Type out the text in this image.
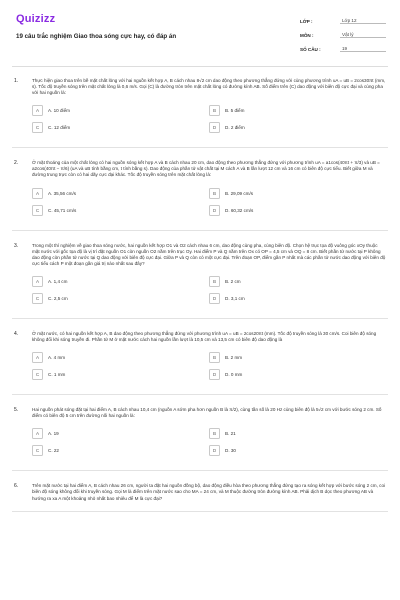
Quizizz
19 câu trắc nghiệm Giao thoa sóng cực hay, có đáp án
LỚP :	Lớp 12
MÔN :	Vật lý
SỐ CÂU :	19
1.	Thực hiện giao thoa trên bề mặt chất lỏng với hai nguồn kết hợp A, B cách nhau 8√2 cm dao động theo phương thẳng đứng với cùng phương trình uA = uB = 2cos30πt (mm, s). Tốc độ truyền sóng trên mặt chất lỏng là 0,6 m/s. Gọi (C) là đường tròn trên mặt chất lỏng có đường kính AB. Số điểm trên (C) dao động với biên độ cực đại và cùng pha với hai nguồn là:
A	A. 10 điểm	B	B. 5 điểm
C	C. 12 điểm	D	D. 2 điểm
2.	Ở mặt thoáng của một chất lỏng có hai nguồn sóng kết hợp A và B cách nhau 20 cm, dao động theo phương thẳng đứng với phương trình uA = a1cos(40πt + π/3) và uB = a2cos(40πt − π/6) (uA và uB tính bằng cm, t tính bằng s). Dao động của phần tử vật chất tại M cách A và B lần lượt 12 cm và 16 cm có biên độ cực tiểu. Biết giữa M và đường trung trực còn có hai dãy cực đại khác. Tốc độ truyền sóng trên mặt chất lỏng là:
A	A. 35,56 cm/s	B	B. 29,09 cm/s
C	C. 45,71 cm/s	D	D. 60,32 cm/s
3.	Trong một thí nghiệm về giao thoa sóng nước, hai nguồn kết hợp O1 và O2 cách nhau 6 cm, dao động cùng pha, cùng biên độ. Chọn hệ trục tọa độ vuông góc xOy thuộc mặt nước với gốc tọa độ là vị trí đặt nguồn O1 còn nguồn O2 nằm trên trục Oy. Hai điểm P và Q nằm trên Ox có OP = 4,5 cm và OQ = 8 cm. Biết phần tử nước tại P không dao động còn phần tử nước tại Q dao động với biên độ cực đại. Giữa P và Q còn có một cực đại. Trên đoạn OP, điểm gần P nhất mà các phần tử nước dao động với biên độ cực tiểu cách P một đoạn gần giá trị nào nhất sau đây?
A	A. 1,4 cm	B	B. 2 cm
C	C. 2,5 cm	D	D. 3,1 cm
4.	Ở mặt nước, có hai nguồn kết hợp A, B dao động theo phương thẳng đứng với phương trình uA = uB = 2cos20πt (mm). Tốc độ truyền sóng là 30 cm/s. Coi biên độ sóng không đổi khi sóng truyền đi. Phần tử M ở mặt nước cách hai nguồn lần lượt là 10,5 cm và 13,5 cm có biên độ dao động là
A	A. 4 mm	B	B. 2 mm
C	C. 1 mm	D	D. 0 mm
5.	Hai nguồn phát sóng đặt tại hai điểm A, B cách nhau 10,4 cm (nguồn A sớm pha hơn nguồn B là π/2), cùng tần số là 20 Hz cùng biên độ là 5√2 cm với bước sóng 2 cm. Số điểm có biên độ 5 cm trên đường nối hai nguồn là:
A	A. 19	B	B. 21
C	C. 22	D	D. 30
6.	Trên mặt nước tại hai điểm A, B cách nhau 26 cm, người ta đặt hai nguồn đồng bộ, dao động điều hòa theo phương thẳng đứng tạo ra sóng kết hợp với bước sóng 2 cm, coi biên độ sóng không đổi khi truyền sóng. Gọi M là điểm trên mặt nước sao cho MA = 24 cm, và M thuộc đường tròn đường kính AB. Phải dịch B dọc theo phương AB và hướng ra xa A một khoảng nhỏ nhất bao nhiêu để M là cực đại?
